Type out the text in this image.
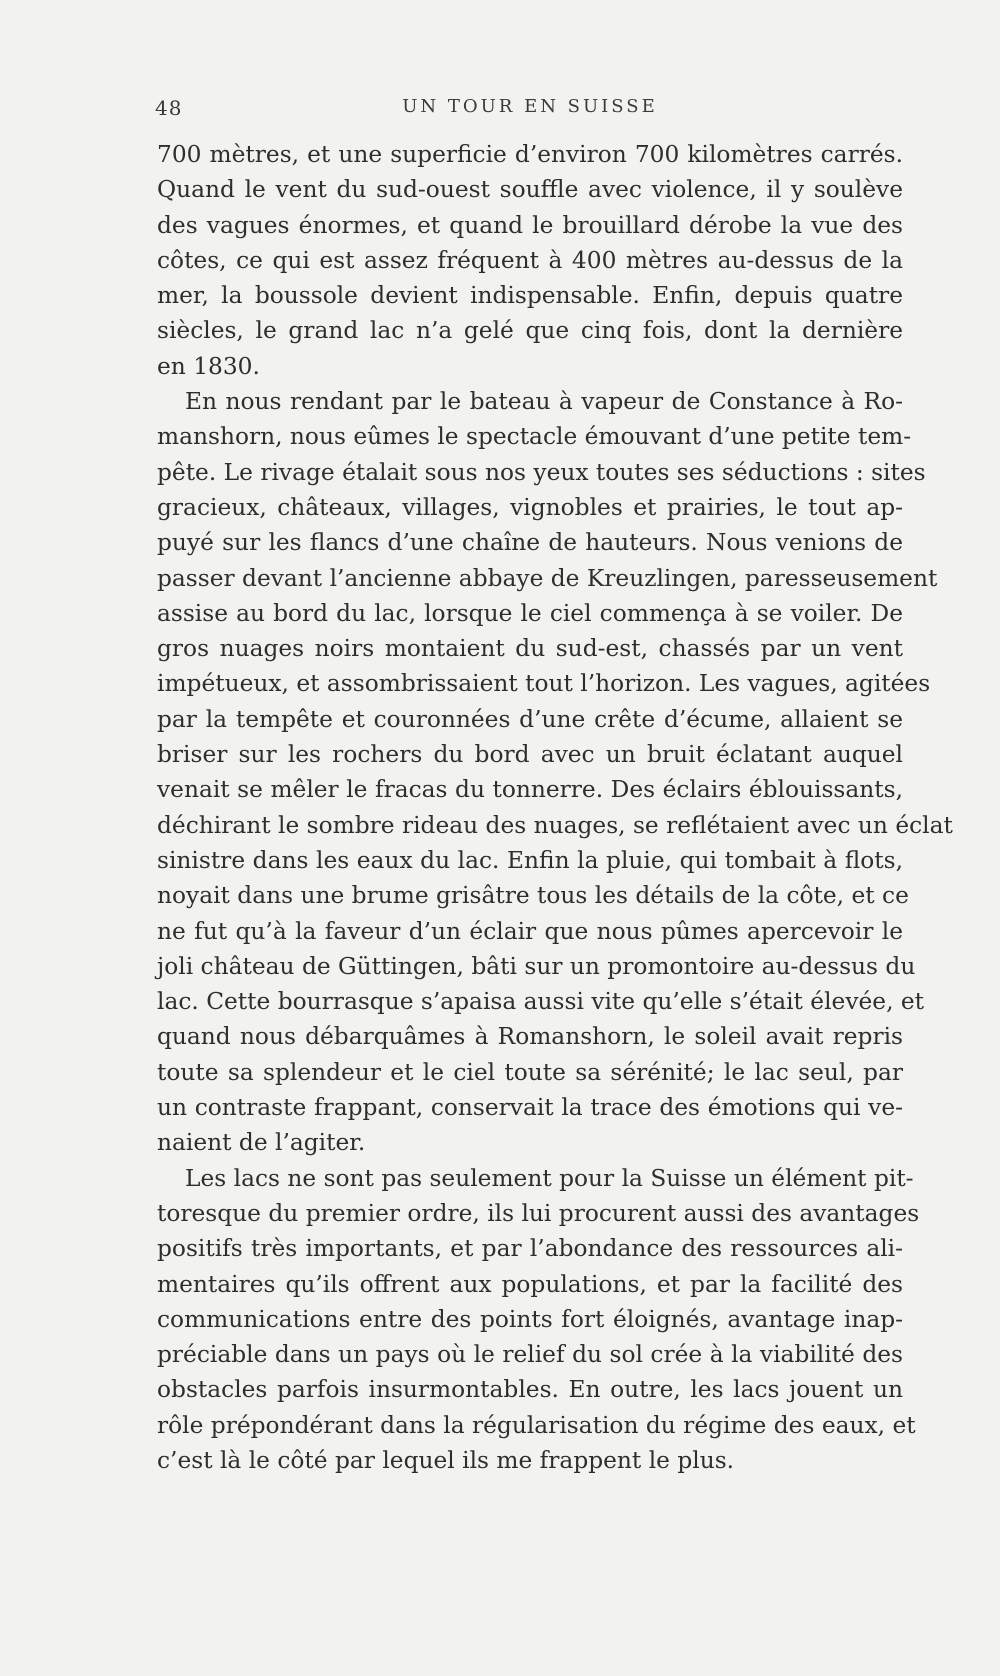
48	UN TOUR EN SUISSE
700 mètres, et une superficie d’environ 700 kilomètres carrés.
Quand le vent du sud-ouest souffle avec violence, il y soulève
des vagues énormes, et quand le brouillard dérobe la vue des
côtes, ce qui est assez fréquent à 400 mètres au-dessus de la
mer, la boussole devient indispensable. Enfin, depuis quatre
siècles, le grand lac n’a gelé que cinq fois, dont la dernière
en 1830.
En nous rendant par le bateau à vapeur de Constance à Ro-
manshorn, nous eûmes le spectacle émouvant d’une petite tem-
pête. Le rivage étalait sous nos yeux toutes ses séductions : sites
gracieux, châteaux, villages, vignobles et prairies, le tout ap-
puyé sur les flancs d’une chaîne de hauteurs. Nous venions de
passer devant l’ancienne abbaye de Kreuzlingen, paresseusement
assise au bord du lac, lorsque le ciel commença à se voiler. De
gros nuages noirs montaient du sud-est, chassés par un vent
impétueux, et assombrissaient tout l’horizon. Les vagues, agitées
par la tempête et couronnées d’une crête d’écume, allaient se
briser sur les rochers du bord avec un bruit éclatant auquel
venait se mêler le fracas du tonnerre. Des éclairs éblouissants,
déchirant le sombre rideau des nuages, se reflétaient avec un éclat
sinistre dans les eaux du lac. Enfin la pluie, qui tombait à flots,
noyait dans une brume grisâtre tous les détails de la côte, et ce
ne fut qu’à la faveur d’un éclair que nous pûmes apercevoir le
joli château de Güttingen, bâti sur un promontoire au-dessus du
lac. Cette bourrasque s’apaisa aussi vite qu’elle s’était élevée, et
quand nous débarquâmes à Romanshorn, le soleil avait repris
toute sa splendeur et le ciel toute sa sérénité; le lac seul, par
un contraste frappant, conservait la trace des émotions qui ve-
naient de l’agiter.
Les lacs ne sont pas seulement pour la Suisse un élément pit-
toresque du premier ordre, ils lui procurent aussi des avantages
positifs très importants, et par l’abondance des ressources ali-
mentaires qu’ils offrent aux populations, et par la facilité des
communications entre des points fort éloignés, avantage inap-
préciable dans un pays où le relief du sol crée à la viabilité des
obstacles parfois insurmontables. En outre, les lacs jouent un
rôle prépondérant dans la régularisation du régime des eaux, et
c’est là le côté par lequel ils me frappent le plus.
